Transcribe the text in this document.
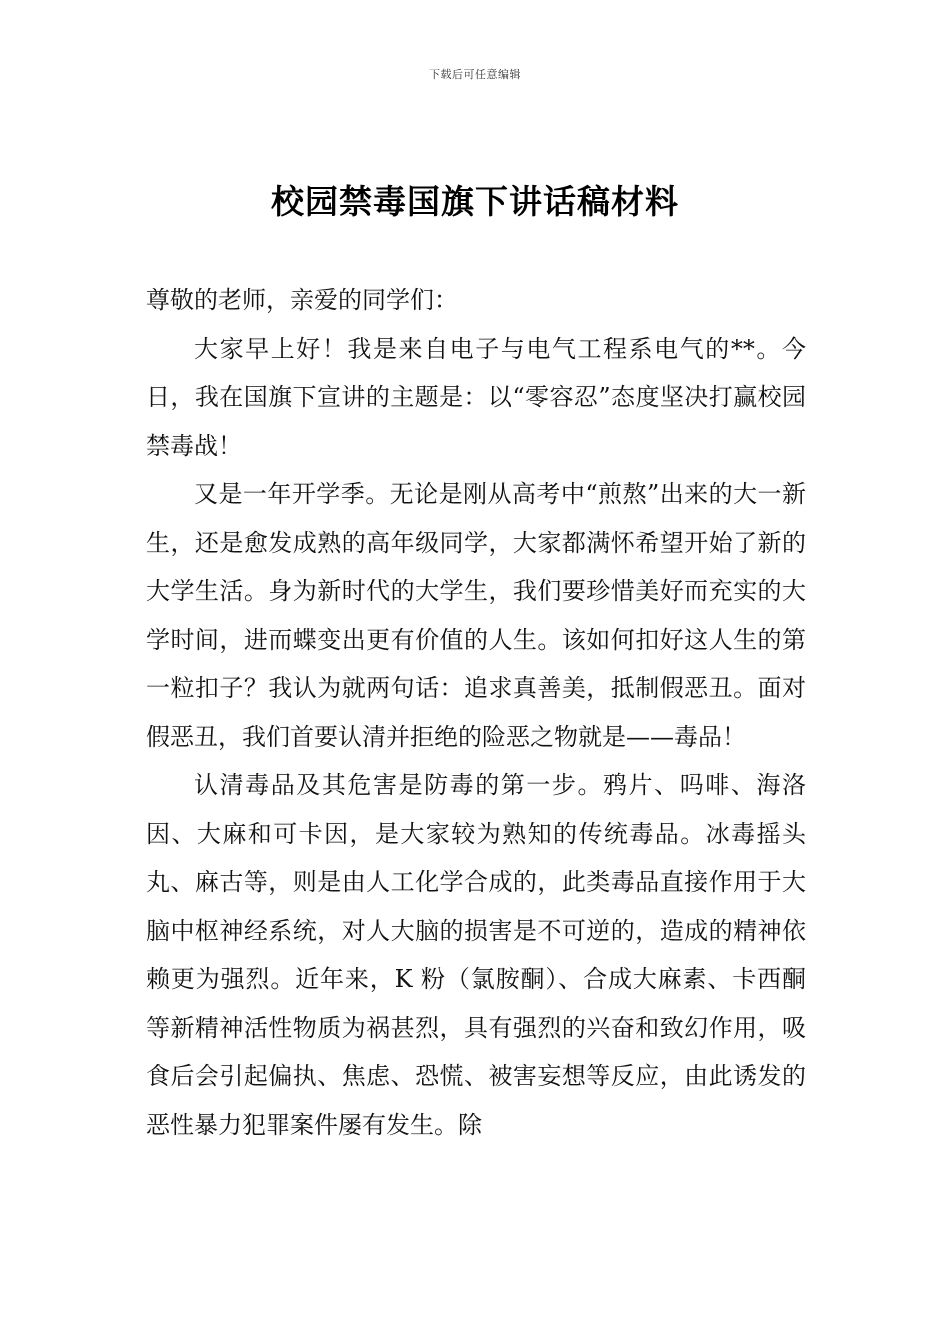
下载后可任意编辑
校园禁毒国旗下讲话稿材料

尊敬的老师，亲爱的同学们：

大家早上好！我是来自电子与电气工程系电气的**。今日，我在国旗下宣讲的主题是：以“零容忍”态度坚决打赢校园禁毒战！

又是一年开学季。无论是刚从高考中“煎熬”出来的大一新生，还是愈发成熟的高年级同学，大家都满怀希望开始了新的大学生活。身为新时代的大学生，我们要珍惜美好而充实的大学时间，进而蝶变出更有价值的人生。该如何扣好这人生的第一粒扣子？我认为就两句话：追求真善美，抵制假恶丑。面对假恶丑，我们首要认清并拒绝的险恶之物就是——毒品！

认清毒品及其危害是防毒的第一步。鸦片、吗啡、海洛因、大麻和可卡因，是大家较为熟知的传统毒品。冰毒摇头丸、麻古等，则是由人工化学合成的，此类毒品直接作用于大脑中枢神经系统，对人大脑的损害是不可逆的，造成的精神依赖更为强烈。近年来，K 粉（氯胺酮）、合成大麻素、卡西酮等新精神活性物质为祸甚烈，具有强烈的兴奋和致幻作用，吸食后会引起偏执、焦虑、恐慌、被害妄想等反应，由此诱发的恶性暴力犯罪案件屡有发生。除
